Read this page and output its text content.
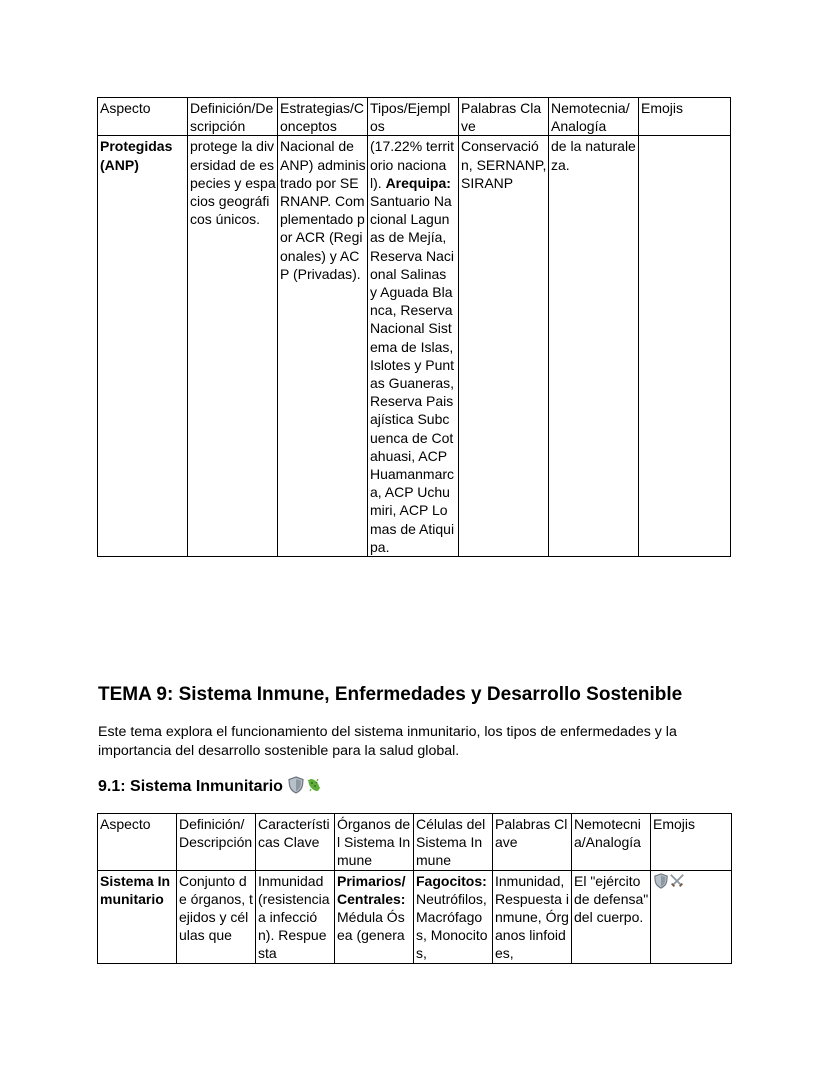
Aspecto	Definición/Descripción	Estrategias/Conceptos	Tipos/Ejemplos	Palabras Clave	Nemotecnia/Analogía	Emojis
Protegidas (ANP)	protege la diversidad de especies y espacios geográficos únicos.	Nacional de ANP) administrado por SERNANP. Complementado por ACR (Regionales) y ACP (Privadas).	(17.22% territorio nacional). Arequipa: Santuario Nacional Lagunas de Mejía, Reserva Nacional Salinas y Aguada Blanca, Reserva Nacional Sistema de Islas, Islotes y Puntas Guaneras, Reserva Paisajística Subcuenca de Cotahuasi, ACP Huamanmarca, ACP Uchumiri, ACP Lomas de Atiquipa.	Conservación, SERNANP, SIRANP	de la naturaleza.	
TEMA 9: Sistema Inmune, Enfermedades y Desarrollo Sostenible

Este tema explora el funcionamiento del sistema inmunitario, los tipos de enfermedades y la importancia del desarrollo sostenible para la salud global.

9.1: Sistema Inmunitario
Aspecto	Definición/ Descripción	Características Clave	Órganos del Sistema Inmune	Células del Sistema Inmune	Palabras Clave	Nemotecnia/Analogía	Emojis
Sistema Inmunitario	Conjunto de órganos, tejidos y células que	Inmunidad (resistencia a infección). Respuesta	Primarios/ Centrales: Médula Ósea (genera	Fagocitos: Neutrófilos, Macrófagos, Monocitos,	Inmunidad, Respuesta inmune, Órganos linfoides,	El "ejército de defensa" del cuerpo.	
